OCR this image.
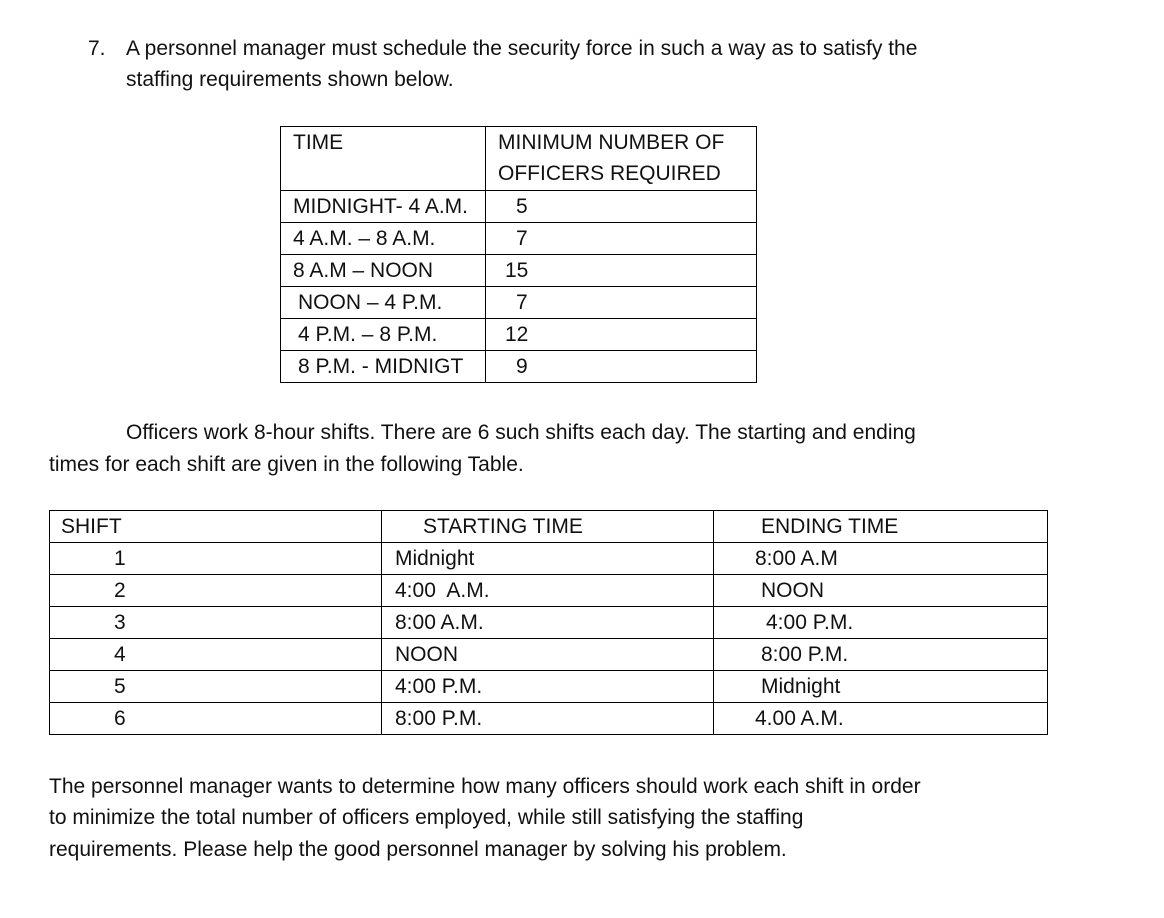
7. A personnel manager must schedule the security force in such a way as to satisfy the
staffing requirements shown below.
TIME	MINIMUM NUMBER OF
OFFICERS REQUIRED

MIDNIGHT- 4 A.M.	5

4 A.M. – 8 A.M.	7

8 A.M – NOON	15

NOON – 4 P.M.	7

4 P.M. – 8 P.M.	12

8 P.M. - MIDNIGT	9
Officers work 8-hour shifts. There are 6 such shifts each day. The starting and ending
times for each shift are given in the following Table.
SHIFT	STARTING TIME	ENDING TIME

1	Midnight	8:00 A.M

2	4:00  A.M.	NOON

3	8:00 A.M.	4:00 P.M.

4	NOON	8:00 P.M.

5	4:00 P.M.	Midnight

6	8:00 P.M.	4.00 A.M.
The personnel manager wants to determine how many officers should work each shift in order
to minimize the total number of officers employed, while still satisfying the staffing
requirements. Please help the good personnel manager by solving his problem.
